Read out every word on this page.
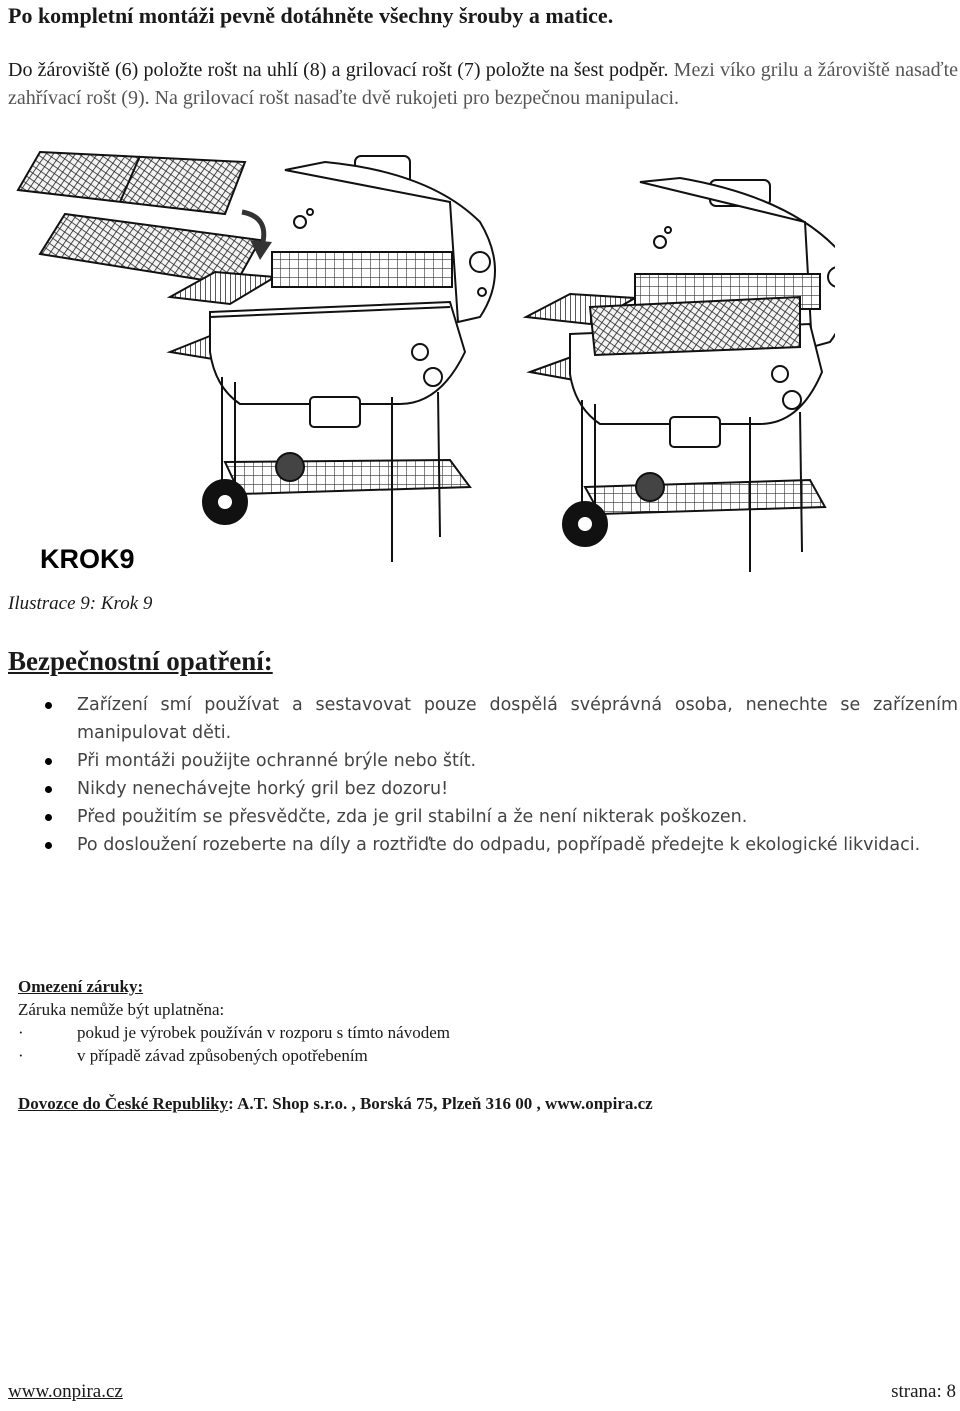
Po kompletní montáži pevně dotáhněte všechny šrouby a matice.

Do žároviště (6) položte rošt na uhlí (8) a grilovací rošt (7) položte na šest podpěr. Mezi víko grilu a žároviště nasaďte zahřívací rošt (9). Na grilovací rošt nasaďte dvě rukojeti pro bezpečnou manipulaci.

KROK9
Ilustrace 9: Krok 9
Bezpečnostní opatření:
Zařízení smí používat a sestavovat pouze dospělá svéprávná osoba, nenechte se zařízením manipulovat děti.
Při montáži použijte ochranné brýle nebo štít.
Nikdy nenechávejte horký gril bez dozoru!
Před použitím se přesvědčte, zda je gril stabilní a že není nikterak poškozen.
Po dosloužení rozeberte na díly a roztřiďte do odpadu, popřípadě předejte k ekologické likvidaci.
Omezení záruky:
Záruka nemůže být uplatněna:
·	pokud je výrobek používán v rozporu s tímto návodem
·	v případě závad způsobených opotřebením
Dovozce do České Republiky: A.T. Shop s.r.o. , Borská 75, Plzeň 316 00 , www.onpira.cz
www.onpira.cz	strana: 8
